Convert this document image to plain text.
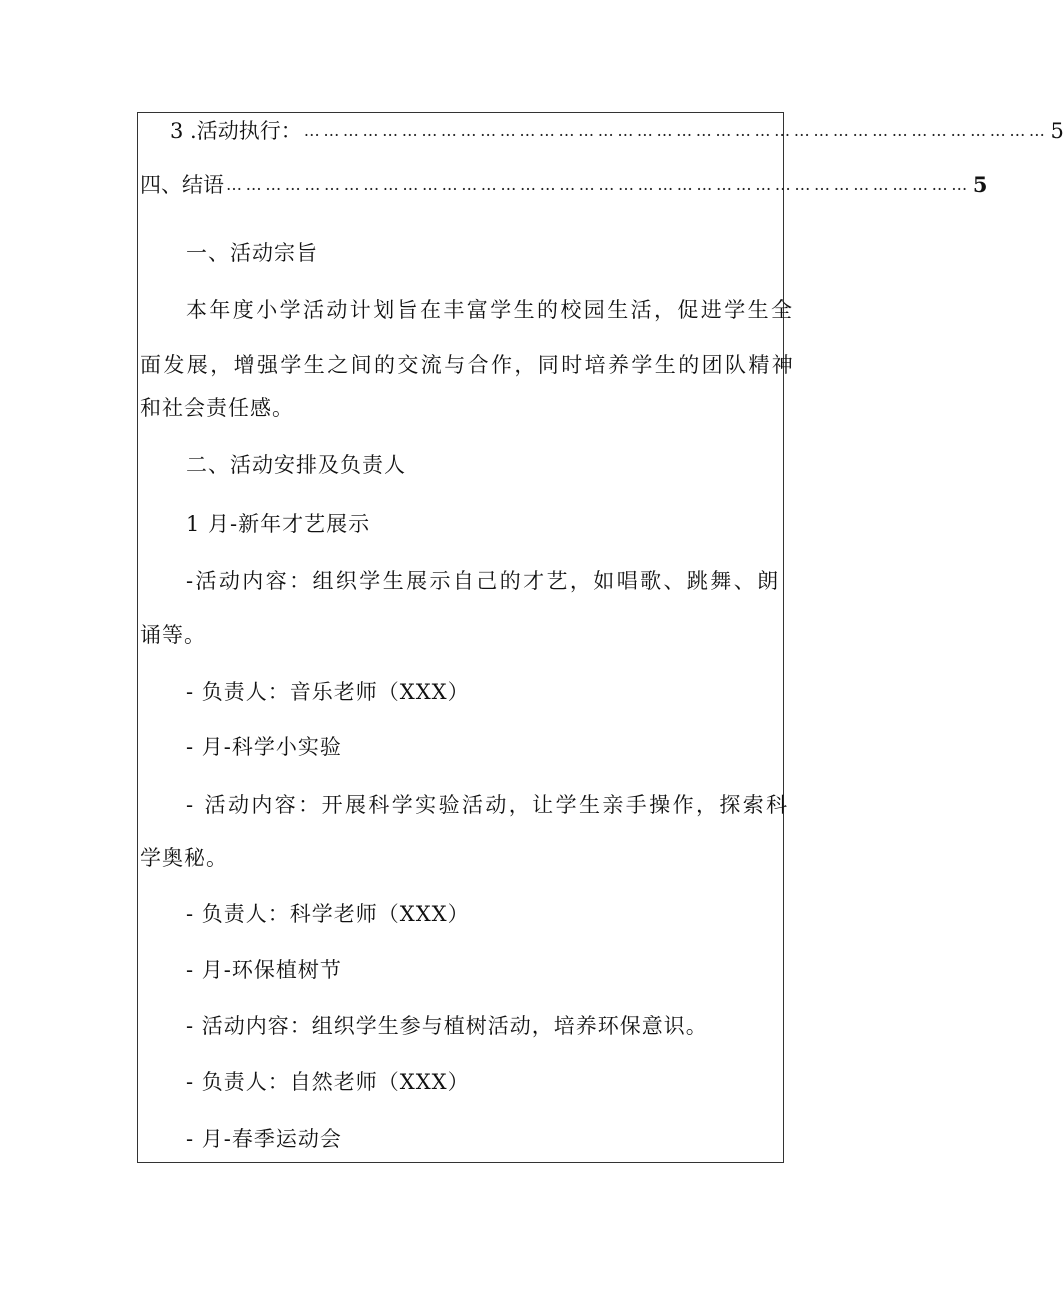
3 .活动执行： …………………………………………………………………………………………………… 5
四、结语 …………………………………………………………………………………………………… 5
一、活动宗旨
本年度小学活动计划旨在丰富学生的校园生活，促进学生全
面发展，增强学生之间的交流与合作，同时培养学生的团队精神
和社会责任感。
二、活动安排及负责人
1 月-新年才艺展示
-活动内容：组织学生展示自己的才艺，如唱歌、跳舞、朗
诵等。
- 负责人：音乐老师（XXX）
- 月-科学小实验
- 活动内容：开展科学实验活动，让学生亲手操作，探索科
学奥秘。
- 负责人：科学老师（XXX）
- 月-环保植树节
- 活动内容：组织学生参与植树活动，培养环保意识。
- 负责人：自然老师（XXX）
- 月-春季运动会
